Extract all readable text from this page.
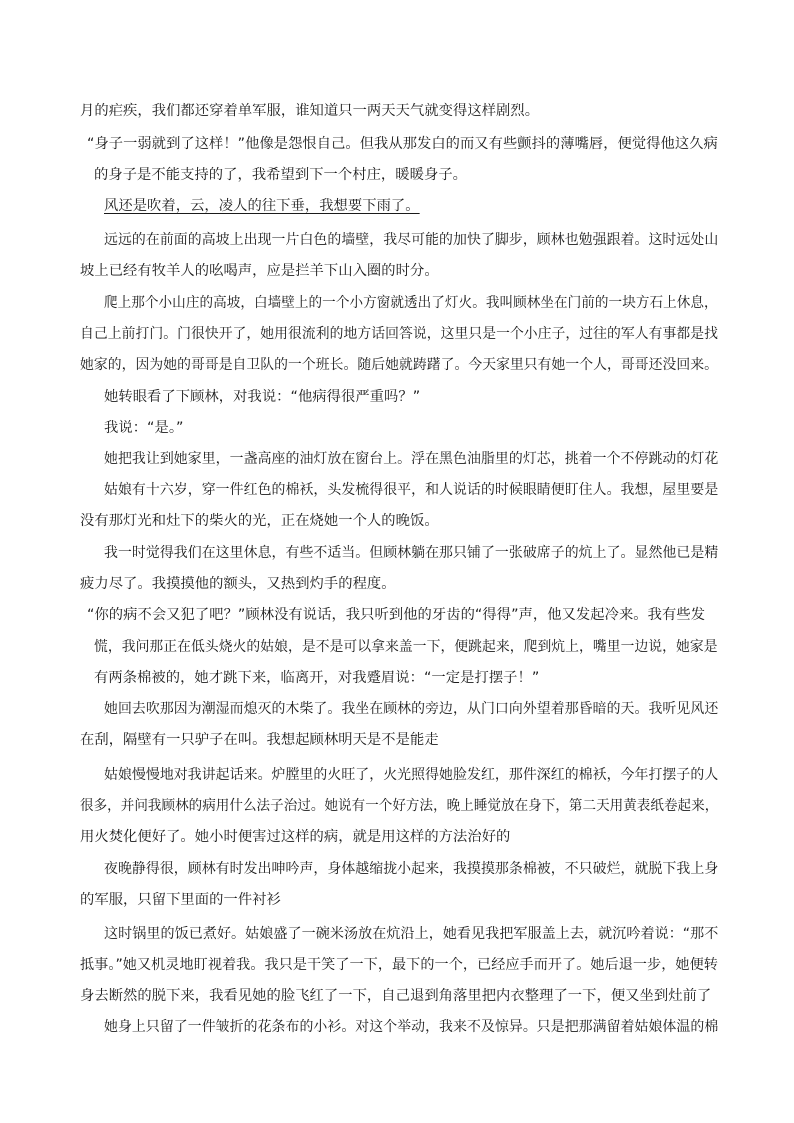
月的疟疾，我们都还穿着单军服，谁知道只一两天天气就变得这样剧烈。
“身子一弱就到了这样！”他像是怨恨自己。但我从那发白的而又有些颤抖的薄嘴唇，便觉得他这久病
的身子是不能支持的了，我希望到下一个村庄，暖暖身子。
风还是吹着，云，凌人的往下垂，我想要下雨了。
远远的在前面的高坡上出现一片白色的墙壁，我尽可能的加快了脚步，顾林也勉强跟着。这时远处山
坡上已经有牧羊人的吆喝声，应是拦羊下山入圈的时分。
爬上那个小山庄的高坡，白墙壁上的一个小方窗就透出了灯火。我叫顾林坐在门前的一块方石上休息，
自己上前打门。门很快开了，她用很流利的地方话回答说，这里只是一个小庄子，过往的军人有事都是找
她家的，因为她的哥哥是自卫队的一个班长。随后她就踌躇了。今天家里只有她一个人，哥哥还没回来。
她转眼看了下顾林，对我说：“他病得很严重吗？”
我说：“是。”
她把我让到她家里，一盏高座的油灯放在窗台上。浮在黑色油脂里的灯芯，挑着一个不停跳动的灯花
姑娘有十六岁，穿一件红色的棉袄，头发梳得很平，和人说话的时候眼睛便盯住人。我想，屋里要是
没有那灯光和灶下的柴火的光，正在烧她一个人的晚饭。
我一时觉得我们在这里休息，有些不适当。但顾林躺在那只铺了一张破席子的炕上了。显然他已是精
疲力尽了。我摸摸他的额头，又热到灼手的程度。
“你的病不会又犯了吧？”顾林没有说话，我只听到他的牙齿的“得得”声，他又发起冷来。我有些发
慌，我问那正在低头烧火的姑娘，是不是可以拿来盖一下，便跳起来，爬到炕上，嘴里一边说，她家是
有两条棉被的，她才跳下来，临离开，对我蹙眉说：“一定是打摆子！”
她回去吹那因为潮湿而熄灭的木柴了。我坐在顾林的旁边，从门口向外望着那昏暗的天。我听见风还
在刮，隔壁有一只驴子在叫。我想起顾林明天是不是能走
姑娘慢慢地对我讲起话来。炉膛里的火旺了，火光照得她脸发红，那件深红的棉袄，今年打摆子的人
很多，并问我顾林的病用什么法子治过。她说有一个好方法，晚上睡觉放在身下，第二天用黄表纸卷起来，
用火焚化便好了。她小时便害过这样的病，就是用这样的方法治好的
夜晚静得很，顾林有时发出呻吟声，身体越缩拢小起来，我摸摸那条棉被，不只破烂，就脱下我上身
的军服，只留下里面的一件衬衫
这时锅里的饭已煮好。姑娘盛了一碗米汤放在炕沿上，她看见我把军服盖上去，就沉吟着说：“那不
抵事。”她又机灵地盯视着我。我只是干笑了一下，最下的一个，已经应手而开了。她后退一步，她便转
身去断然的脱下来，我看见她的脸飞红了一下，自己退到角落里把内衣整理了一下，便又坐到灶前了
她身上只留了一件皱折的花条布的小衫。对这个举动，我来不及惊异。只是把那满留着姑娘体温的棉
